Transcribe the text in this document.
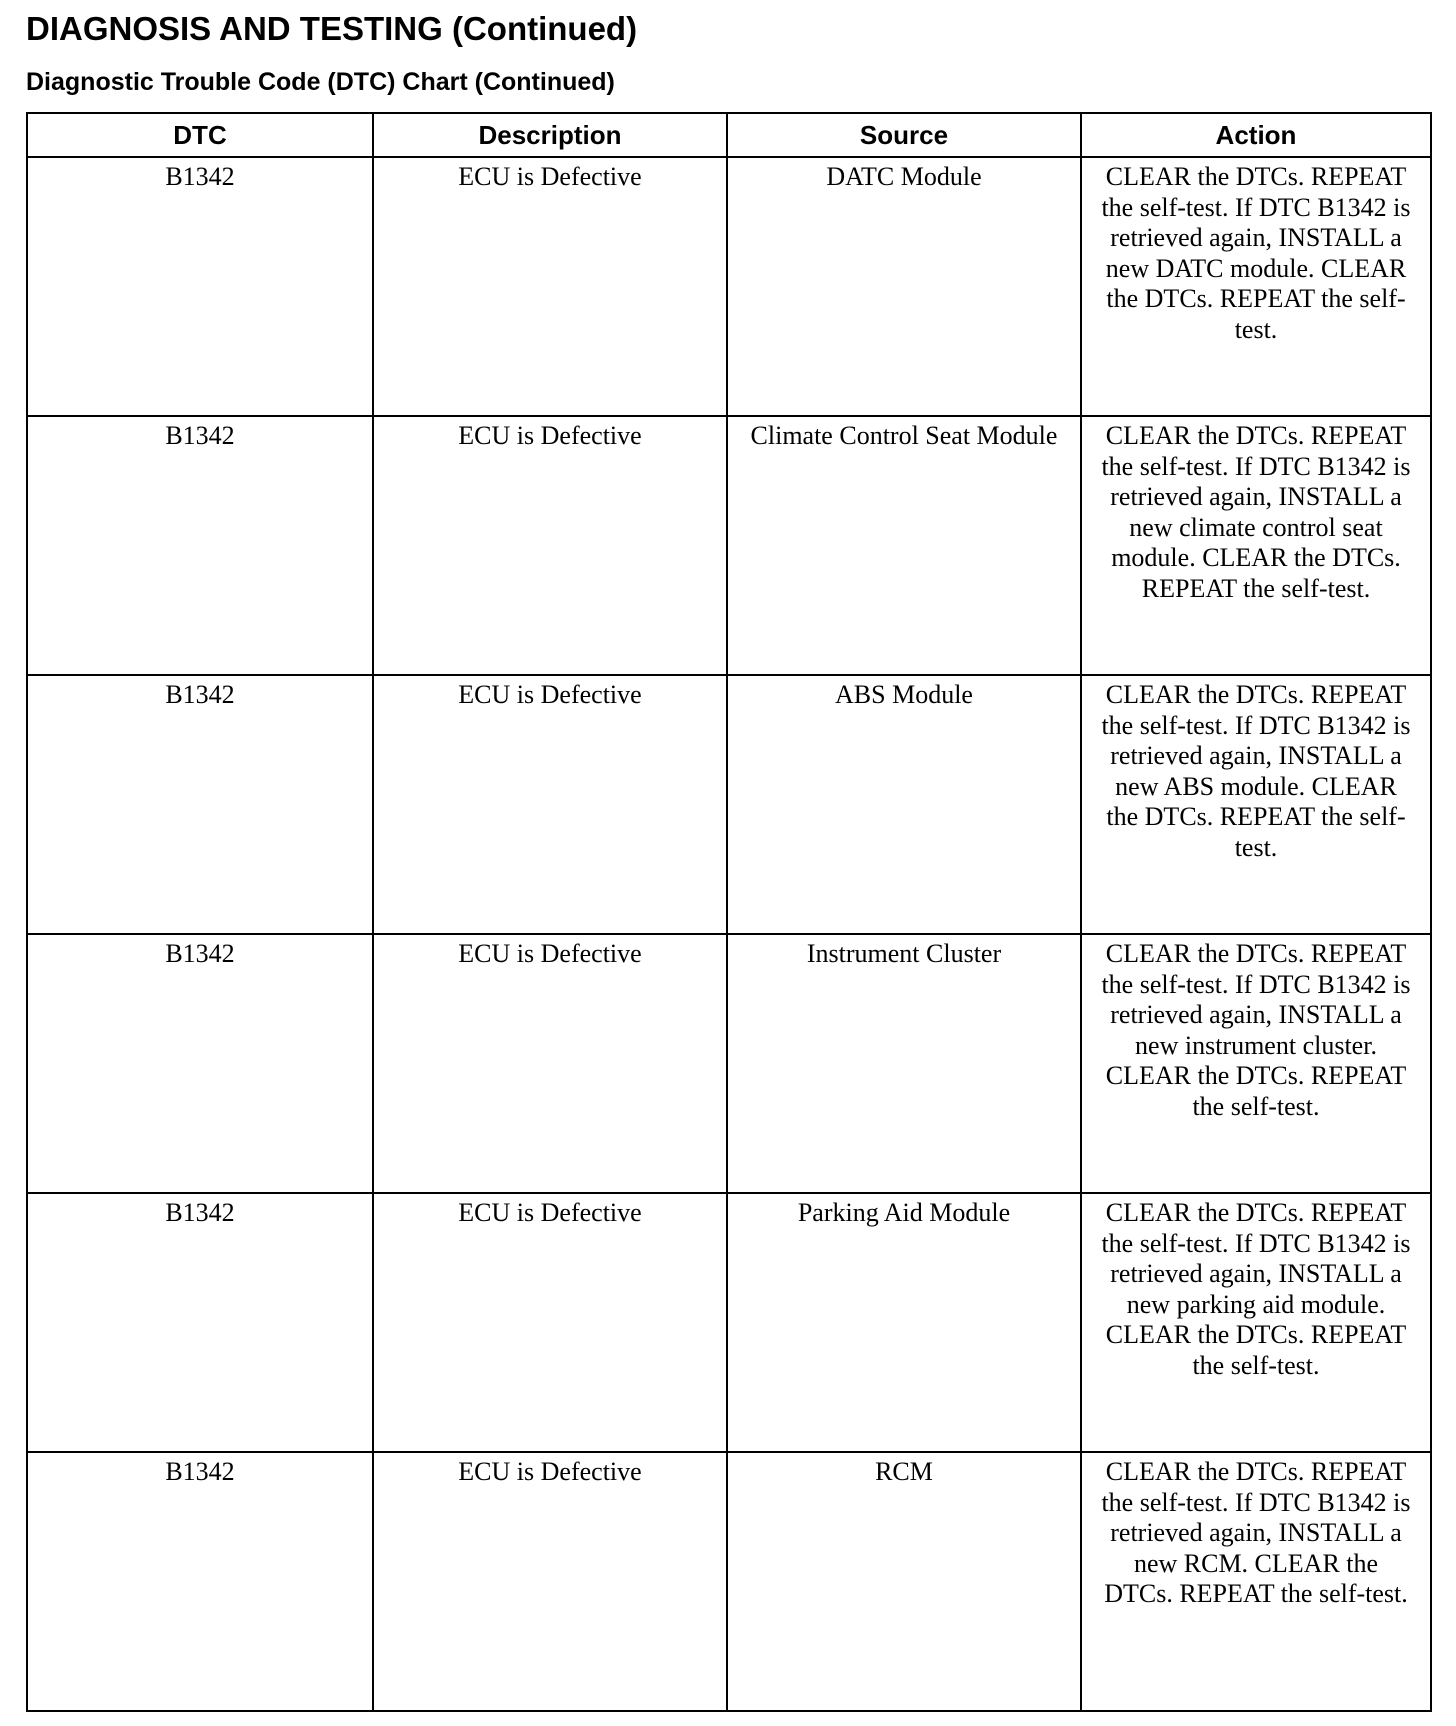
DIAGNOSIS AND TESTING (Continued)
Diagnostic Trouble Code (DTC) Chart (Continued)
DTC	Description	Source	Action
B1342	ECU is Defective	DATC Module	CLEAR the DTCs. REPEAT the self-test. If DTC B1342 is retrieved again, INSTALL a new DATC module. CLEAR the DTCs. REPEAT the self-test.

B1342	ECU is Defective	Climate Control Seat Module	CLEAR the DTCs. REPEAT the self-test. If DTC B1342 is retrieved again, INSTALL a new climate control seat module. CLEAR the DTCs. REPEAT the self-test.

B1342	ECU is Defective	ABS Module	CLEAR the DTCs. REPEAT the self-test. If DTC B1342 is retrieved again, INSTALL a new ABS module. CLEAR the DTCs. REPEAT the self-test.

B1342	ECU is Defective	Instrument Cluster	CLEAR the DTCs. REPEAT the self-test. If DTC B1342 is retrieved again, INSTALL a new instrument cluster. CLEAR the DTCs. REPEAT the self-test.

B1342	ECU is Defective	Parking Aid Module	CLEAR the DTCs. REPEAT the self-test. If DTC B1342 is retrieved again, INSTALL a new parking aid module. CLEAR the DTCs. REPEAT the self-test.

B1342	ECU is Defective	RCM	CLEAR the DTCs. REPEAT the self-test. If DTC B1342 is retrieved again, INSTALL a new RCM. CLEAR the DTCs. REPEAT the self-test.
